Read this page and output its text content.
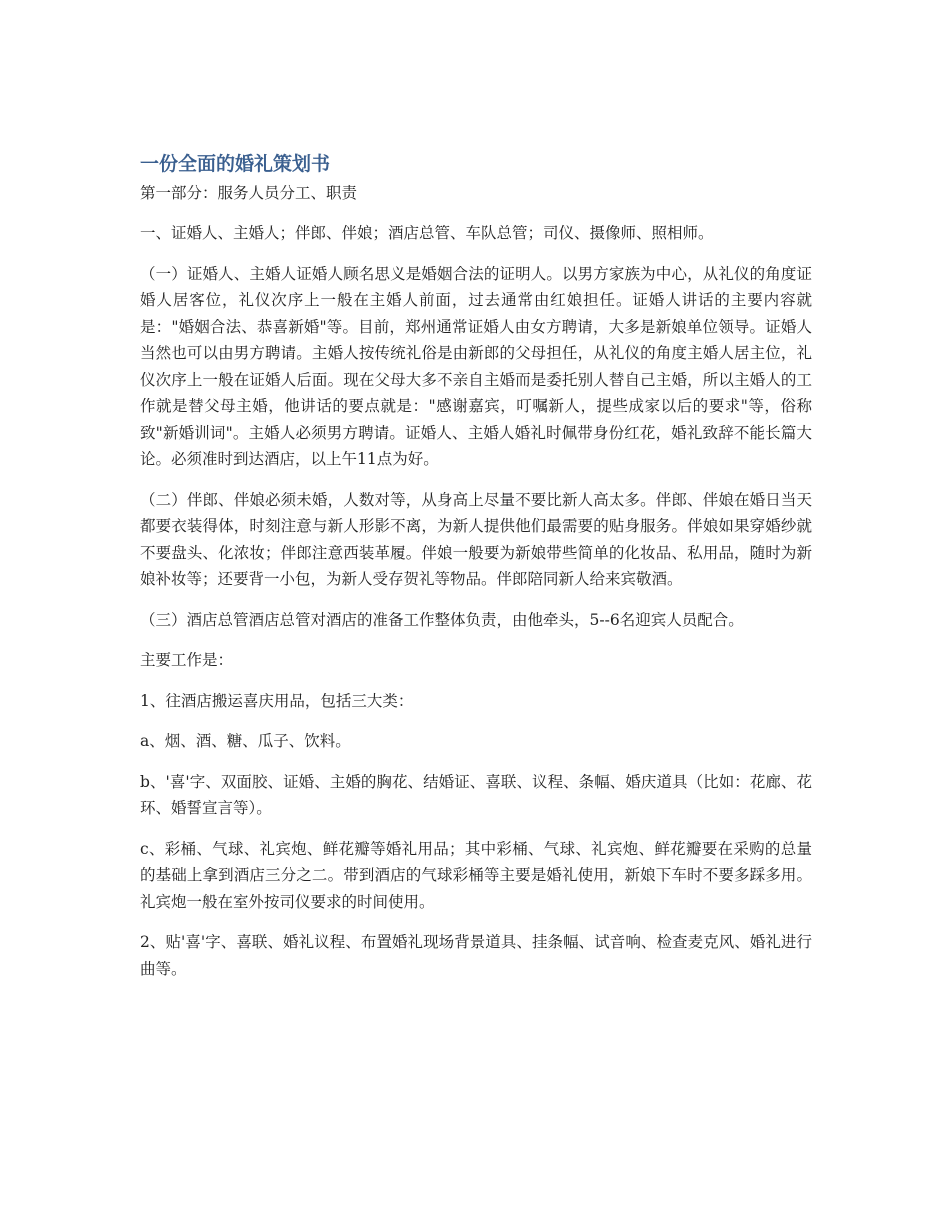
一份全面的婚礼策划书
第一部分：服务人员分工、职责

一、证婚人、主婚人；伴郎、伴娘；酒店总管、车队总管；司仪、摄像师、照相师。

（一）证婚人、主婚人证婚人顾名思义是婚姻合法的证明人。以男方家族为中心，从礼仪的角度证婚人居客位，礼仪次序上一般在主婚人前面，过去通常由红娘担任。证婚人讲话的主要内容就是："婚姻合法、恭喜新婚"等。目前，郑州通常证婚人由女方聘请，大多是新娘单位领导。证婚人当然也可以由男方聘请。主婚人按传统礼俗是由新郎的父母担任，从礼仪的角度主婚人居主位，礼仪次序上一般在证婚人后面。现在父母大多不亲自主婚而是委托别人替自己主婚，所以主婚人的工作就是替父母主婚，他讲话的要点就是："感谢嘉宾，叮嘱新人，提些成家以后的要求"等，俗称致"新婚训词"。主婚人必须男方聘请。证婚人、主婚人婚礼时佩带身份红花，婚礼致辞不能长篇大论。必须准时到达酒店，以上午11点为好。

（二）伴郎、伴娘必须未婚，人数对等，从身高上尽量不要比新人高太多。伴郎、伴娘在婚日当天都要衣装得体，时刻注意与新人形影不离，为新人提供他们最需要的贴身服务。伴娘如果穿婚纱就不要盘头、化浓妆；伴郎注意西装革履。伴娘一般要为新娘带些简单的化妆品、私用品，随时为新娘补妆等；还要背一小包，为新人受存贺礼等物品。伴郎陪同新人给来宾敬酒。

（三）酒店总管酒店总管对酒店的准备工作整体负责，由他牵头，5--6名迎宾人员配合。

主要工作是：

1、往酒店搬运喜庆用品，包括三大类：

a、烟、酒、糖、瓜子、饮料。

b、'喜'字、双面胶、证婚、主婚的胸花、结婚证、喜联、议程、条幅、婚庆道具（比如：花廊、花环、婚誓宣言等）。

c、彩桶、气球、礼宾炮、鲜花瓣等婚礼用品；其中彩桶、气球、礼宾炮、鲜花瓣要在采购的总量的基础上拿到酒店三分之二。带到酒店的气球彩桶等主要是婚礼使用，新娘下车时不要多踩多用。礼宾炮一般在室外按司仪要求的时间使用。

2、贴'喜'字、喜联、婚礼议程、布置婚礼现场背景道具、挂条幅、试音响、检查麦克风、婚礼进行曲等。
